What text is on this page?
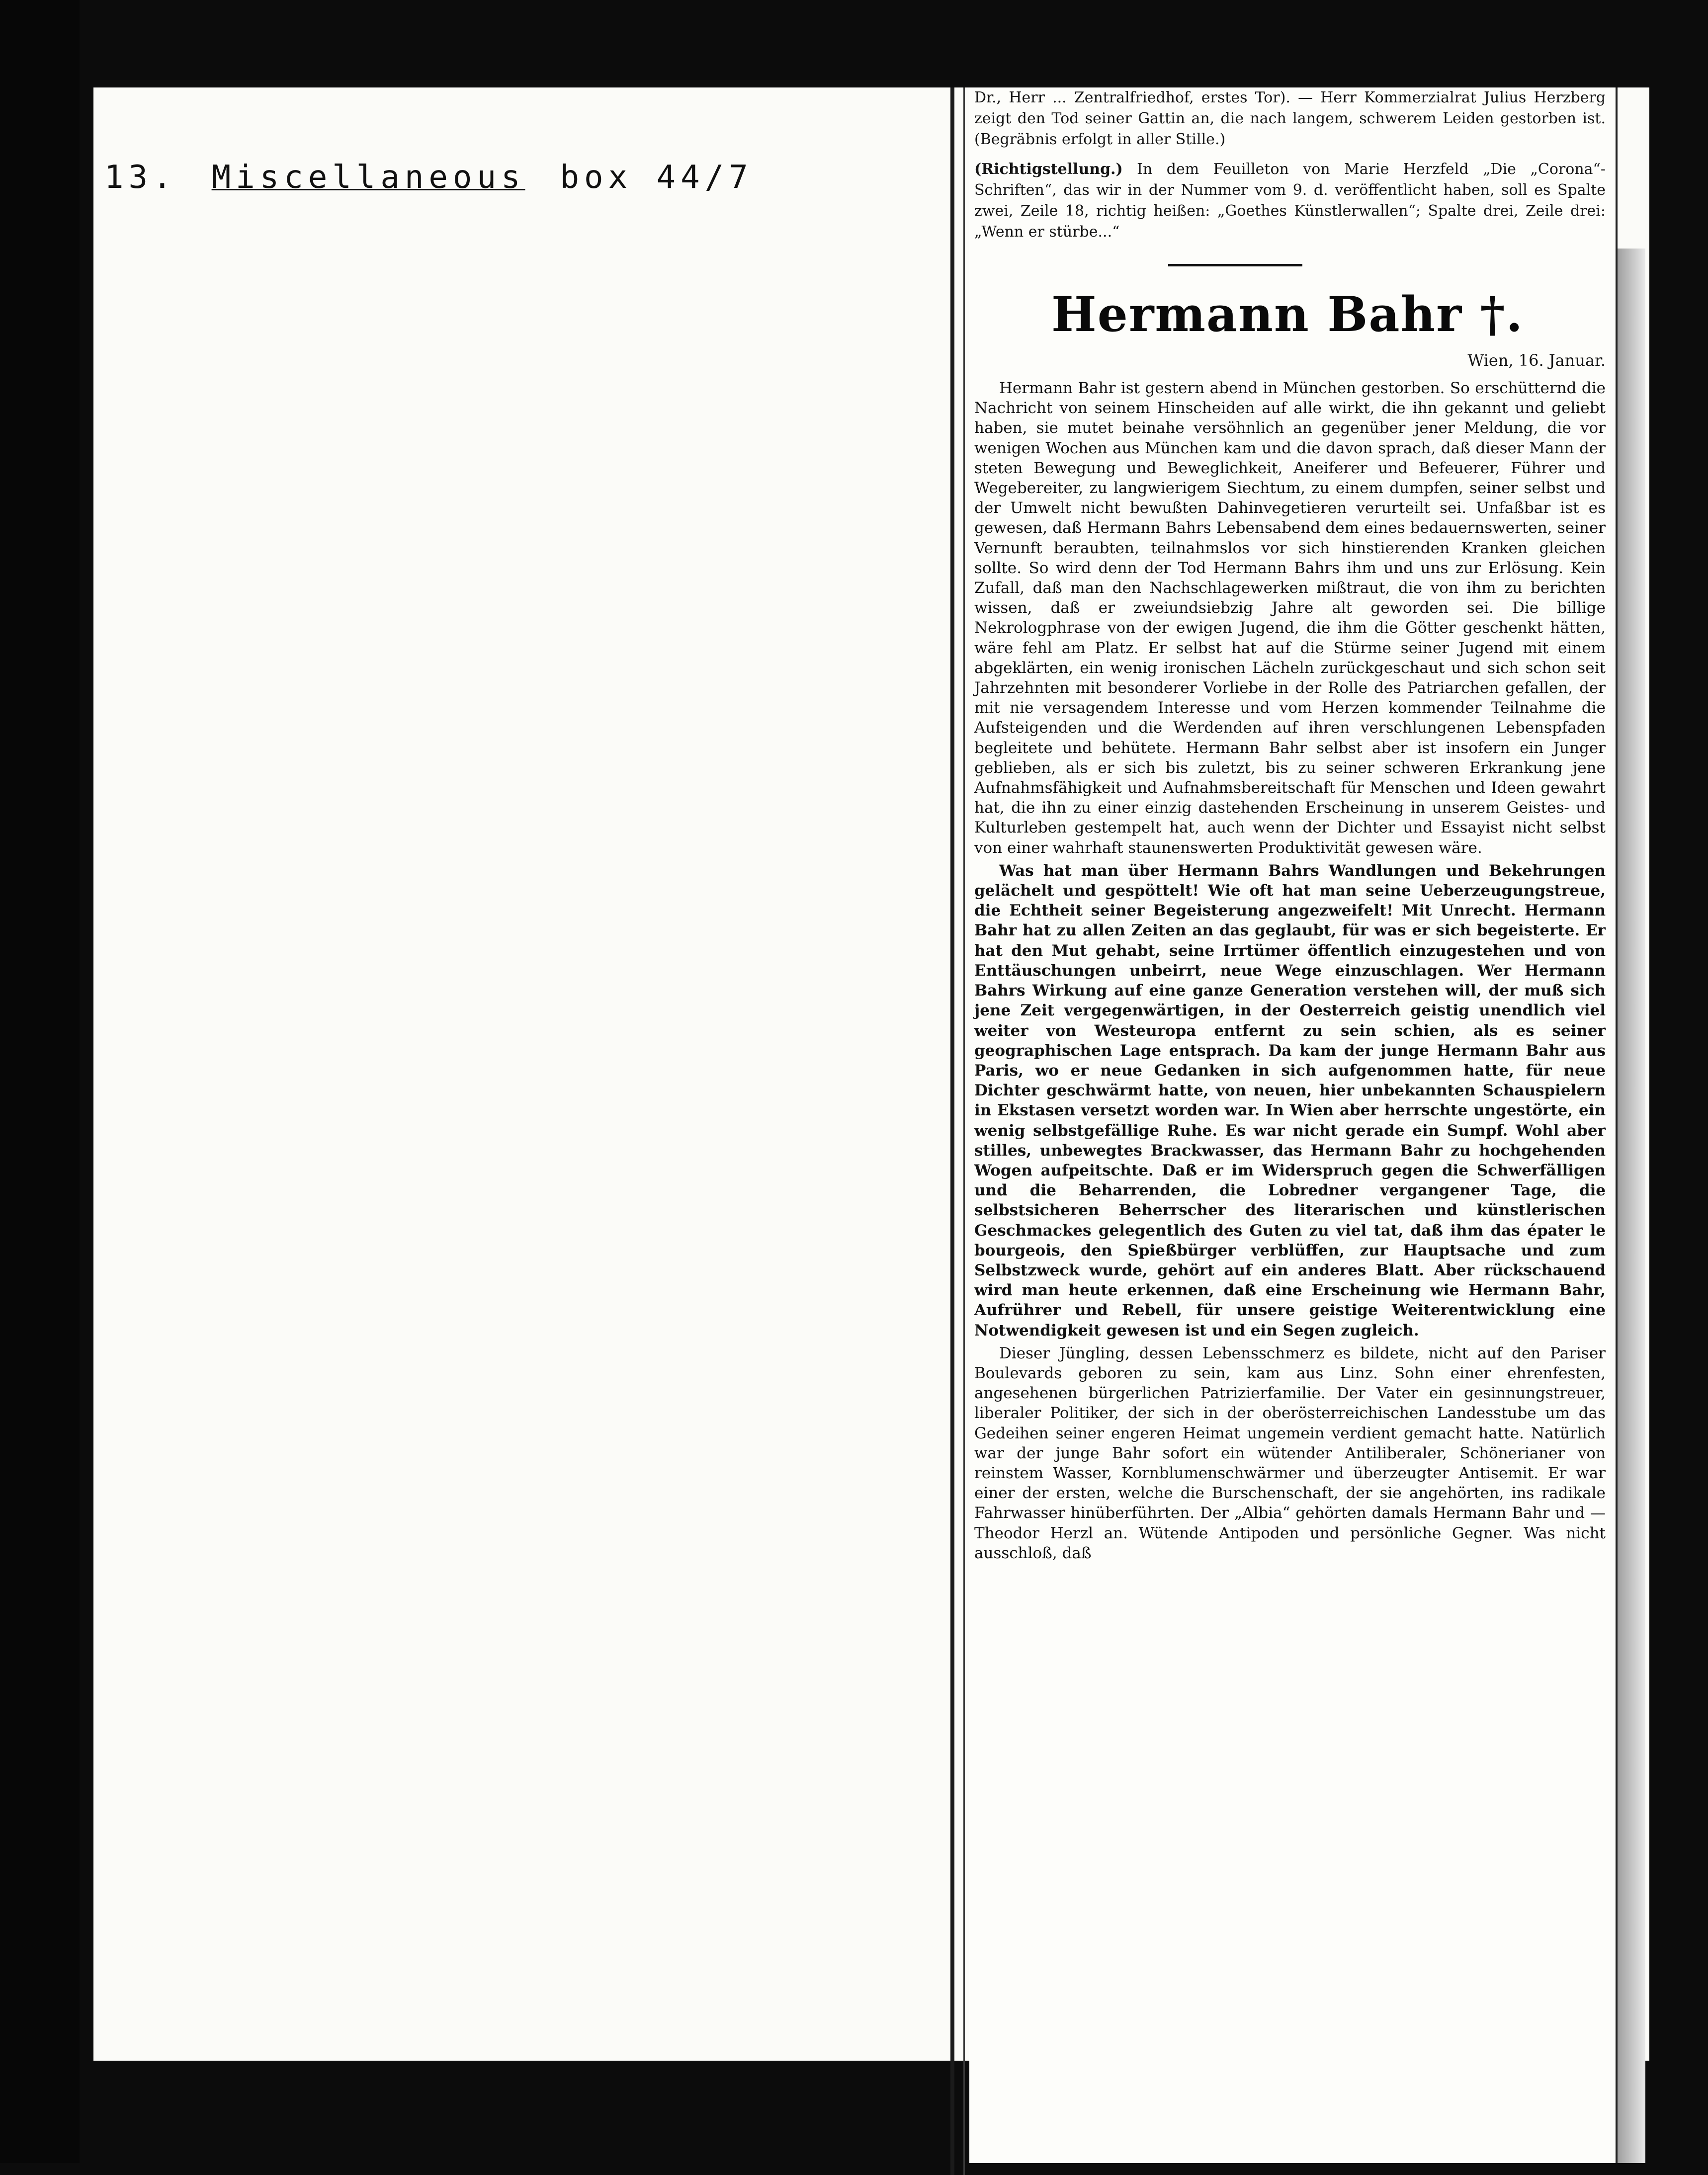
13. Miscellaneous box 44/7

Dr., Herr ... Zentralfriedhof, erstes Tor). — Herr Kommerzialrat Julius Herzberg zeigt den Tod seiner Gattin an, die nach langem, schwerem Leiden gestorben ist. (Begräbnis erfolgt in aller Stille.)

(Richtigstellung.) In dem Feuilleton von Marie Herzfeld „Die „Corona“-Schriften“, das wir in der Nummer vom 9. d. veröffentlicht haben, soll es Spalte zwei, Zeile 18, richtig heißen: „Goethes Künstlerwallen“; Spalte drei, Zeile drei: „Wenn er stürbe...“

Hermann Bahr †.
Wien, 16. Januar.

Hermann Bahr ist gestern abend in München gestorben. So erschütternd die Nachricht von seinem Hinscheiden auf alle wirkt, die ihn gekannt und geliebt haben, sie mutet beinahe versöhnlich an gegenüber jener Meldung, die vor wenigen Wochen aus München kam und die davon sprach, daß dieser Mann der steten Bewegung und Beweglichkeit, Aneiferer und Befeuerer, Führer und Wegebereiter, zu langwierigem Siechtum, zu einem dumpfen, seiner selbst und der Umwelt nicht bewußten Dahinvegetieren verurteilt sei. Unfaßbar ist es gewesen, daß Hermann Bahrs Lebensabend dem eines bedauernswerten, seiner Vernunft beraubten, teilnahmslos vor sich hinstierenden Kranken gleichen sollte. So wird denn der Tod Hermann Bahrs ihm und uns zur Erlösung. Kein Zufall, daß man den Nachschlagewerken mißtraut, die von ihm zu berichten wissen, daß er zweiundsiebzig Jahre alt geworden sei. Die billige Nekrologphrase von der ewigen Jugend, die ihm die Götter geschenkt hätten, wäre fehl am Platz. Er selbst hat auf die Stürme seiner Jugend mit einem abgeklärten, ein wenig ironischen Lächeln zurückgeschaut und sich schon seit Jahrzehnten mit besonderer Vorliebe in der Rolle des Patriarchen gefallen, der mit nie versagendem Interesse und vom Herzen kommender Teilnahme die Aufsteigenden und die Werdenden auf ihren verschlungenen Lebenspfaden begleitete und behütete. Hermann Bahr selbst aber ist insofern ein Junger geblieben, als er sich bis zuletzt, bis zu seiner schweren Erkrankung jene Aufnahmsfähigkeit und Aufnahmsbereitschaft für Menschen und Ideen gewahrt hat, die ihn zu einer einzig dastehenden Erscheinung in unserem Geistes- und Kulturleben gestempelt hat, auch wenn der Dichter und Essayist nicht selbst von einer wahrhaft staunenswerten Produktivität gewesen wäre.

Was hat man über Hermann Bahrs Wandlungen und Bekehrungen gelächelt und gespöttelt! Wie oft hat man seine Ueberzeugungstreue, die Echtheit seiner Begeisterung angezweifelt! Mit Unrecht. Hermann Bahr hat zu allen Zeiten an das geglaubt, für was er sich begeisterte. Er hat den Mut gehabt, seine Irrtümer öffentlich einzugestehen und von Enttäuschungen unbeirrt, neue Wege einzuschlagen. Wer Hermann Bahrs Wirkung auf eine ganze Generation verstehen will, der muß sich jene Zeit vergegenwärtigen, in der Oesterreich geistig unendlich viel weiter von Westeuropa entfernt zu sein schien, als es seiner geographischen Lage entsprach. Da kam der junge Hermann Bahr aus Paris, wo er neue Gedanken in sich aufgenommen hatte, für neue Dichter geschwärmt hatte, von neuen, hier unbekannten Schauspielern in Ekstasen versetzt worden war. In Wien aber herrschte ungestörte, ein wenig selbstgefällige Ruhe. Es war nicht gerade ein Sumpf. Wohl aber stilles, unbewegtes Brackwasser, das Hermann Bahr zu hochgehenden Wogen aufpeitschte. Daß er im Widerspruch gegen die Schwerfälligen und die Beharrenden, die Lobredner vergangener Tage, die selbstsicheren Beherrscher des literarischen und künstlerischen Geschmackes gelegentlich des Guten zu viel tat, daß ihm das épater le bourgeois, den Spießbürger verblüffen, zur Hauptsache und zum Selbstzweck wurde, gehört auf ein anderes Blatt. Aber rückschauend wird man heute erkennen, daß eine Erscheinung wie Hermann Bahr, Aufrührer und Rebell, für unsere geistige Weiterentwicklung eine Notwendigkeit gewesen ist und ein Segen zugleich.

Dieser Jüngling, dessen Lebensschmerz es bildete, nicht auf den Pariser Boulevards geboren zu sein, kam aus Linz. Sohn einer ehrenfesten, angesehenen bürgerlichen Patrizierfamilie. Der Vater ein gesinnungstreuer, liberaler Politiker, der sich in der oberösterreichischen Landesstube um das Gedeihen seiner engeren Heimat ungemein verdient gemacht hatte. Natürlich war der junge Bahr sofort ein wütender Antiliberaler, Schönerianer von reinstem Wasser, Kornblumenschwärmer und überzeugter Antisemit. Er war einer der ersten, welche die Burschenschaft, der sie angehörten, ins radikale Fahrwasser hinüberführten. Der „Albia“ gehörten damals Hermann Bahr und — Theodor Herzl an. Wütende Antipoden und persönliche Gegner. Was nicht ausschloß, daß
